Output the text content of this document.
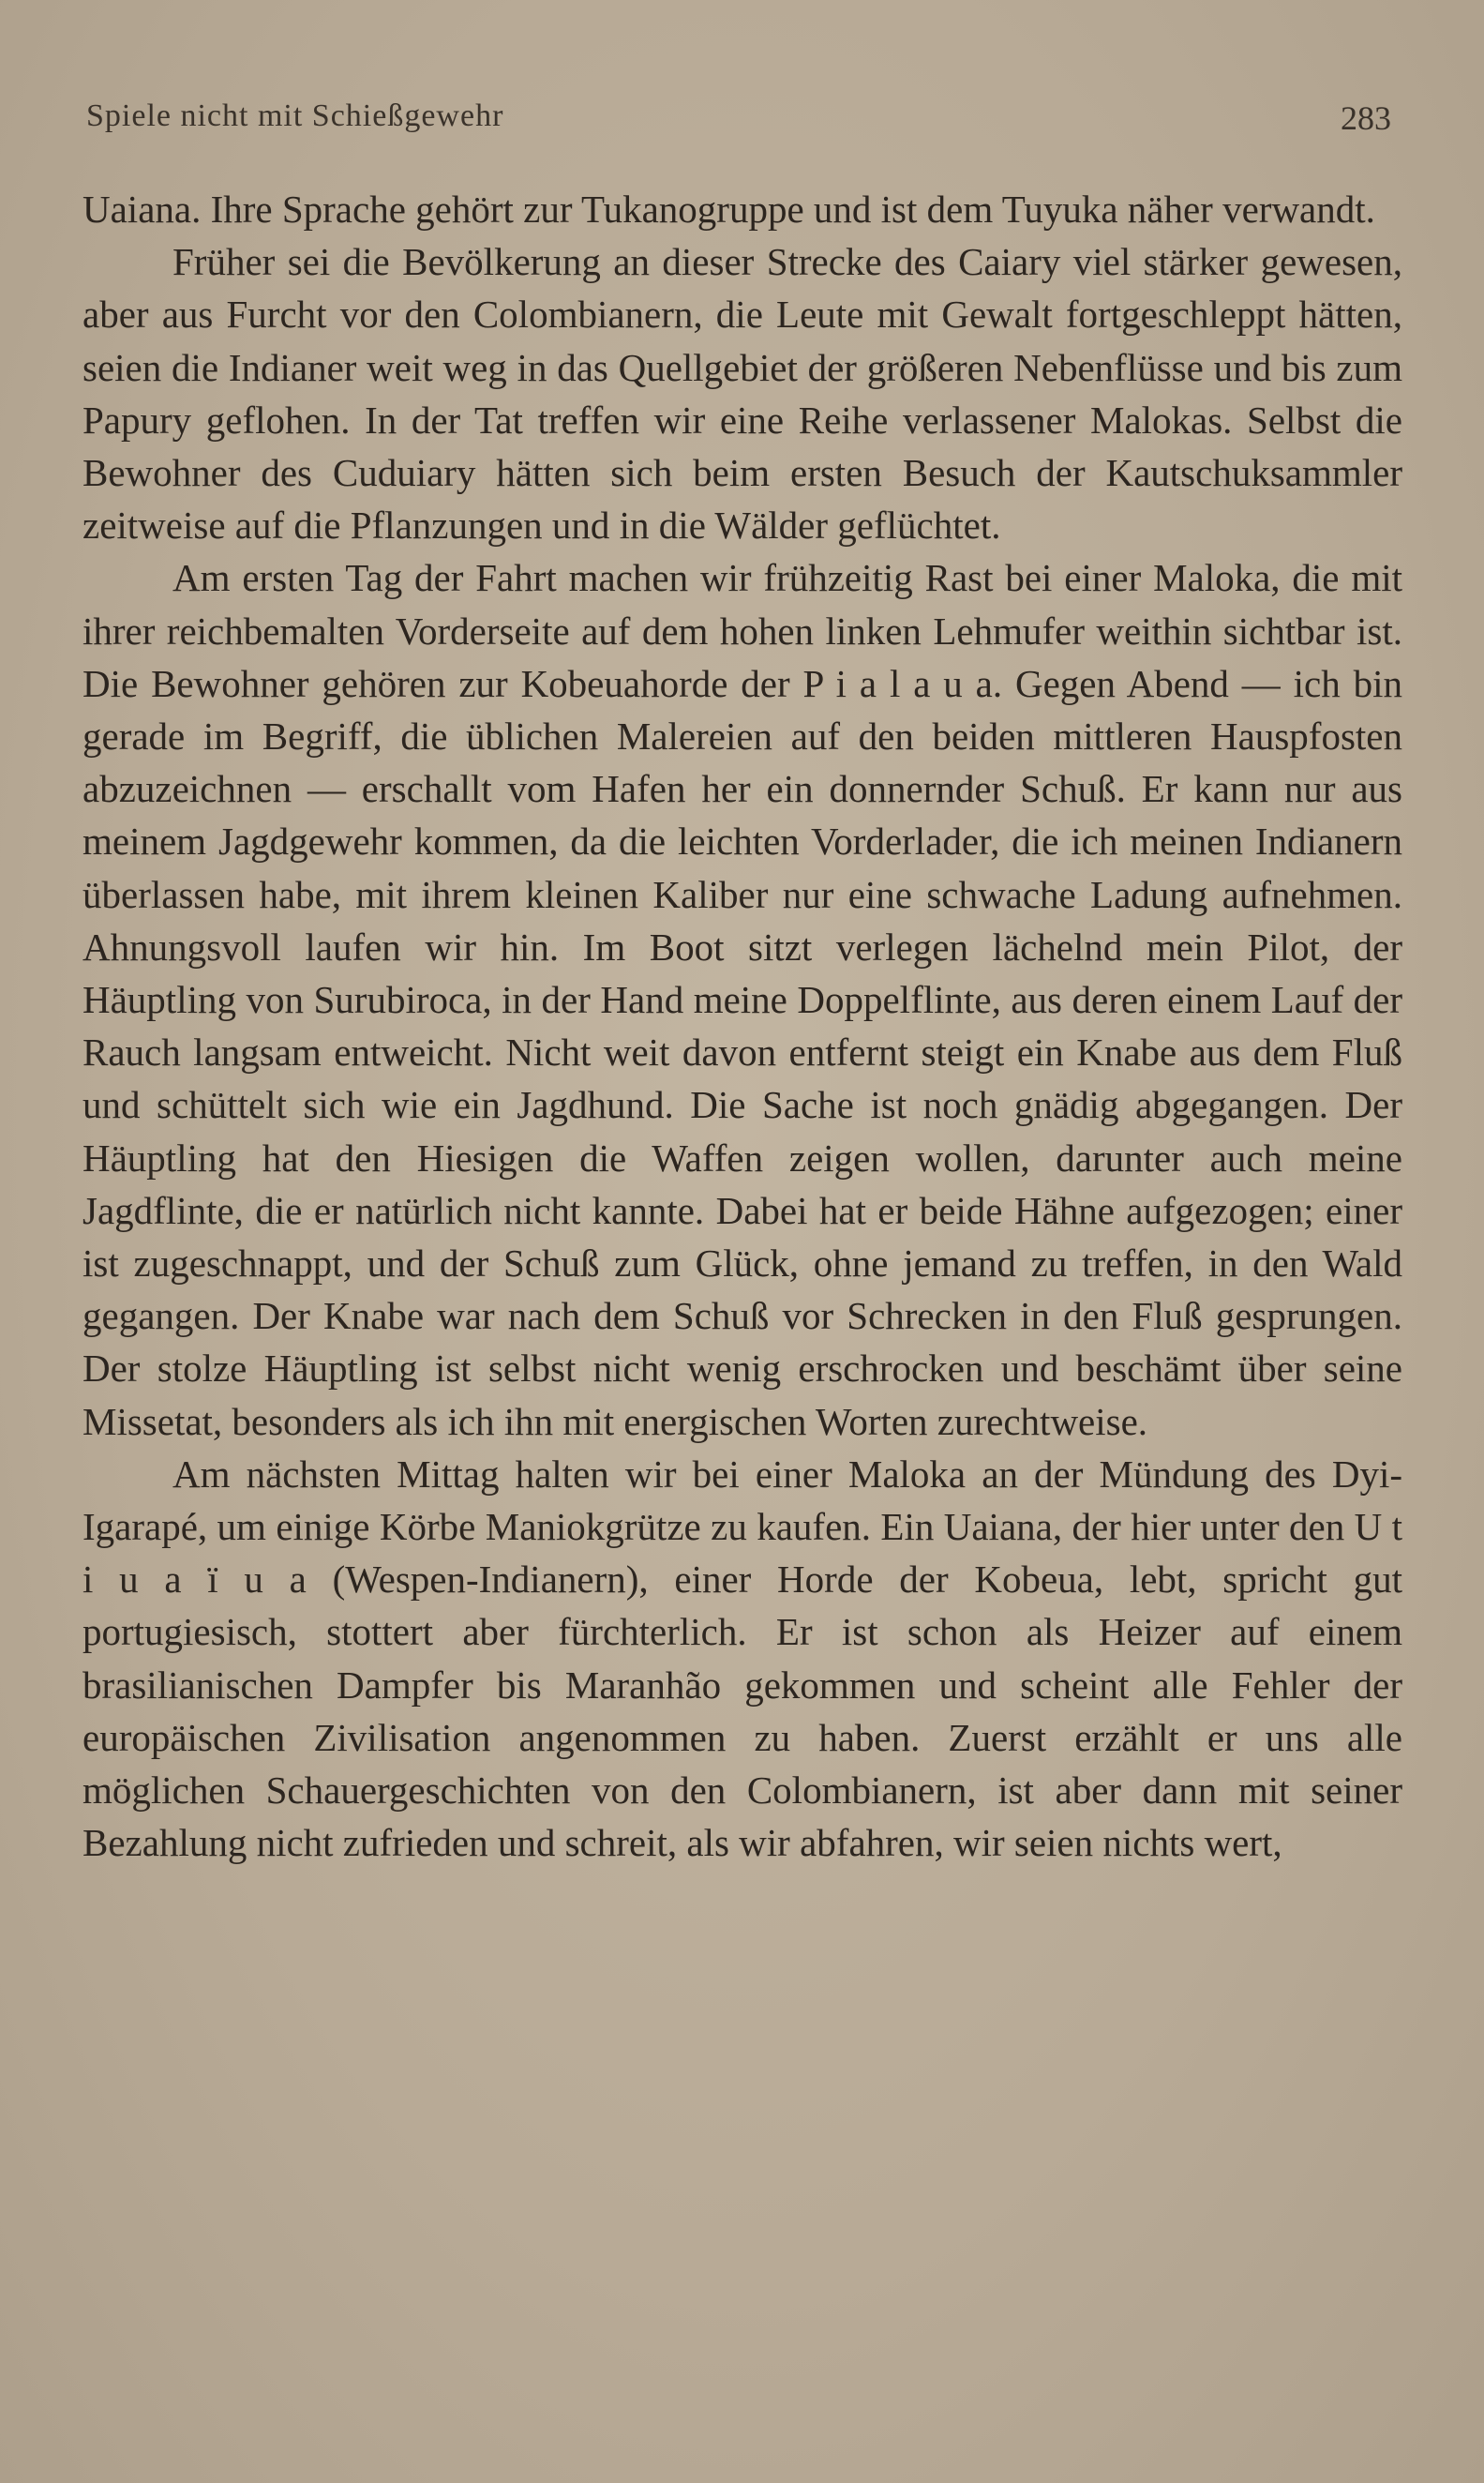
Spiele nicht mit Schießgewehr	283

Uaiana. Ihre Sprache gehört zur Tukanogruppe und ist dem Tuyuka näher verwandt.

Früher sei die Bevölkerung an dieser Strecke des Caiary viel stärker gewesen, aber aus Furcht vor den Colombianern, die Leute mit Gewalt fortgeschleppt hätten, seien die Indianer weit weg in das Quellgebiet der größeren Nebenflüsse und bis zum Papury geflohen. In der Tat treffen wir eine Reihe verlassener Malokas. Selbst die Bewohner des Cuduiary hätten sich beim ersten Besuch der Kautschuksammler zeitweise auf die Pflanzungen und in die Wälder geflüchtet.

Am ersten Tag der Fahrt machen wir frühzeitig Rast bei einer Maloka, die mit ihrer reichbemalten Vorderseite auf dem hohen linken Lehmufer weithin sichtbar ist. Die Bewohner gehören zur Kobeuahorde der P i a l a u a. Gegen Abend — ich bin gerade im Begriff, die üblichen Malereien auf den beiden mittleren Hauspfosten abzuzeichnen — erschallt vom Hafen her ein donnernder Schuß. Er kann nur aus meinem Jagdgewehr kommen, da die leichten Vorderlader, die ich meinen Indianern überlassen habe, mit ihrem kleinen Kaliber nur eine schwache Ladung aufnehmen. Ahnungsvoll laufen wir hin. Im Boot sitzt verlegen lächelnd mein Pilot, der Häuptling von Surubiroca, in der Hand meine Doppelflinte, aus deren einem Lauf der Rauch langsam entweicht. Nicht weit davon entfernt steigt ein Knabe aus dem Fluß und schüttelt sich wie ein Jagdhund. Die Sache ist noch gnädig abgegangen. Der Häuptling hat den Hiesigen die Waffen zeigen wollen, darunter auch meine Jagdflinte, die er natürlich nicht kannte. Dabei hat er beide Hähne aufgezogen; einer ist zugeschnappt, und der Schuß zum Glück, ohne jemand zu treffen, in den Wald gegangen. Der Knabe war nach dem Schuß vor Schrecken in den Fluß gesprungen. Der stolze Häuptling ist selbst nicht wenig erschrocken und beschämt über seine Missetat, besonders als ich ihn mit energischen Worten zurechtweise.

Am nächsten Mittag halten wir bei einer Maloka an der Mündung des Dyi-Igarapé, um einige Körbe Maniokgrütze zu kaufen. Ein Uaiana, der hier unter den U t i u a ï u a (Wespen-Indianern), einer Horde der Kobeua, lebt, spricht gut portugiesisch, stottert aber fürchterlich. Er ist schon als Heizer auf einem brasilianischen Dampfer bis Maranhão gekommen und scheint alle Fehler der europäischen Zivilisation angenommen zu haben. Zuerst erzählt er uns alle möglichen Schauergeschichten von den Colombianern, ist aber dann mit seiner Bezahlung nicht zufrieden und schreit, als wir abfahren, wir seien nichts wert,
